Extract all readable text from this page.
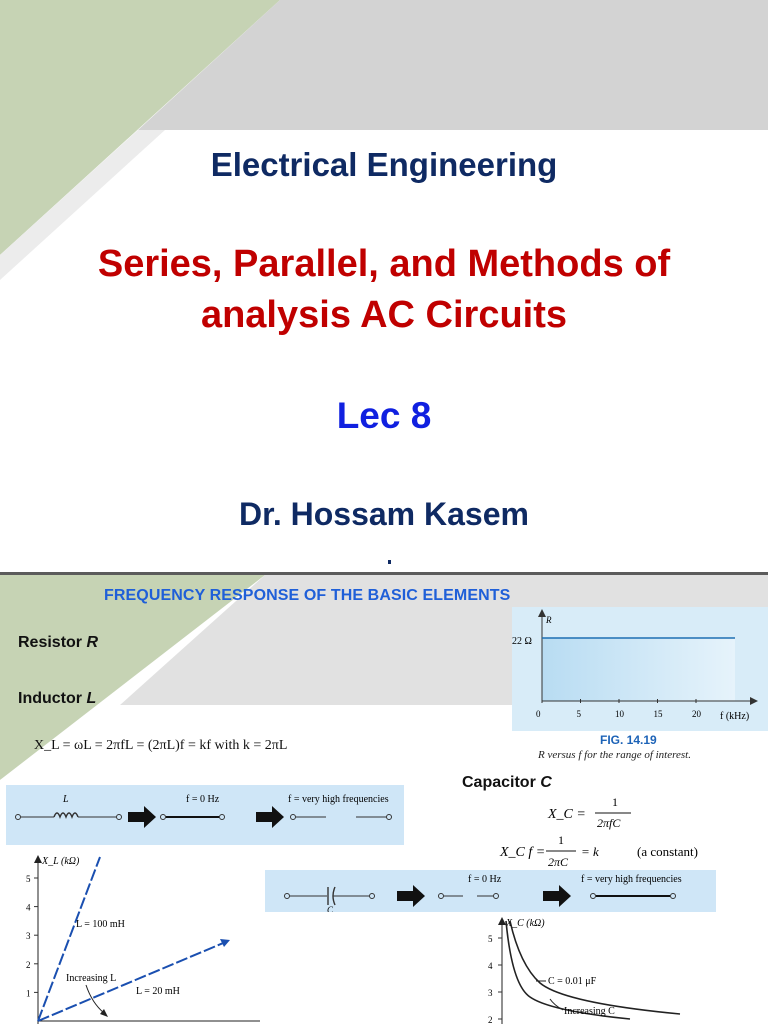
Electrical Engineering
Series, Parallel, and Methods of
analysis AC Circuits
Lec 8
Dr. Hossam Kasem
FREQUENCY RESPONSE OF THE BASIC ELEMENTS
Resistor R
Inductor L
Capacitor C
0	5	10	15	20
R
22 Ω
f (kHz)
FIG. 14.19
R versus f for the range of interest.
X_L = ωL = 2πfL = (2πL)f = kf with k = 2πL
L	f = 0 Hz	f = very high frequencies
X_L (kΩ)
1
2
3
4
5
L = 100 mH
L = 20 mH
Increasing L
X_C =
1
2πfC
X_C f =
1
2πC
= k	(a constant)
C
f = 0 Hz	f = very high frequencies
X_C (kΩ)
2
3
4
5
C = 0.01 μF
Increasing C
